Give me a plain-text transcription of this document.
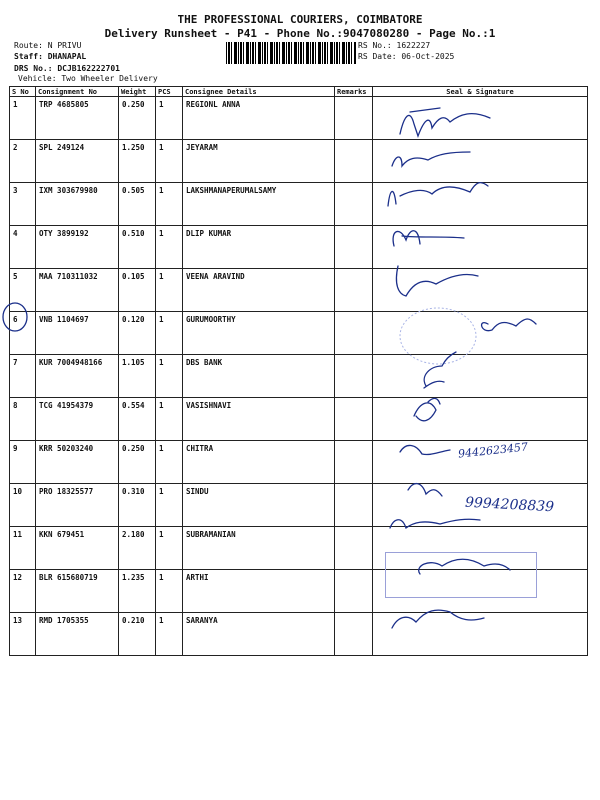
THE PROFESSIONAL COURIERS, COIMBATORE
Delivery Runsheet - P41 - Phone No.:9047080280 - Page No.:1
Route: N PRIVU
Staff: DHANAPAL
DRS No.: DCJB162222701
Vehicle: Two Wheeler Delivery
RS No.: 1622227
RS Date: 06-Oct-2025
S No	Consignment No	Weight	PCS	Consignee Details	Remarks	Seal & Signature
1	TRP 4685805	0.250	1	REGIONL ANNA		
2	SPL 249124	1.250	1	JEYARAM		
3	IXM 303679980	0.505	1	LAKSHMANAPERUMALSAMY		
4	OTY 3899192	0.510	1	DLIP KUMAR		
5	MAA 710311032	0.105	1	VEENA ARAVIND		
6	VNB 1104697	0.120	1	GURUMOORTHY		
7	KUR 7004948166	1.105	1	DBS BANK		
8	TCG 41954379	0.554	1	VASISHNAVI		
9	KRR 50203240	0.250	1	CHITRA		
10	PRO 18325577	0.310	1	SINDU		
11	KKN 679451	2.180	1	SUBRAMANIAN		
12	BLR 615680719	1.235	1	ARTHI		
13	RMD 1705355	0.210	1	SARANYA		
9442623457
9994208839
